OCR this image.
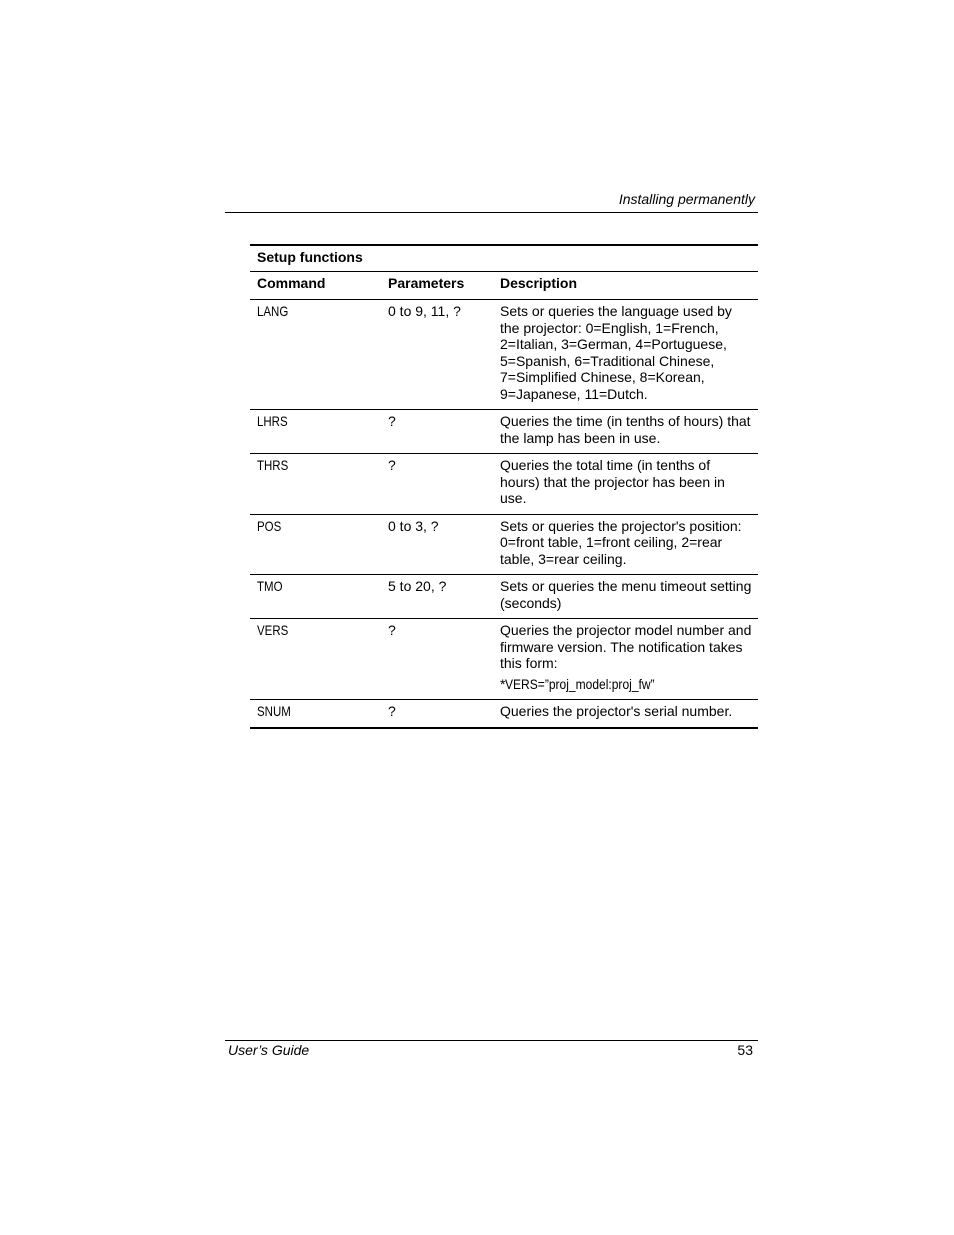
Installing permanently
Setup functions
Command	Parameters	Description
LANG	0 to 9, 11, ?	Sets or queries the language used by the projector: 0=English, 1=French, 2=Italian, 3=German, 4=Portuguese, 5=Spanish, 6=Traditional Chinese, 7=Simplified Chinese, 8=Korean, 9=Japanese, 11=Dutch.
LHRS	?	Queries the time (in tenths of hours) that the lamp has been in use.
THRS	?	Queries the total time (in tenths of hours) that the projector has been in use.
POS	0 to 3, ?	Sets or queries the projector's position: 0=front table, 1=front ceiling, 2=rear table, 3=rear ceiling.
TMO	5 to 20, ?	Sets or queries the menu timeout setting (seconds)
VERS	?	Queries the projector model number and firmware version. The notification takes this form:
*VERS=”proj_model:proj_fw”
SNUM	?	Queries the projector's serial number.
User’s Guide	53
